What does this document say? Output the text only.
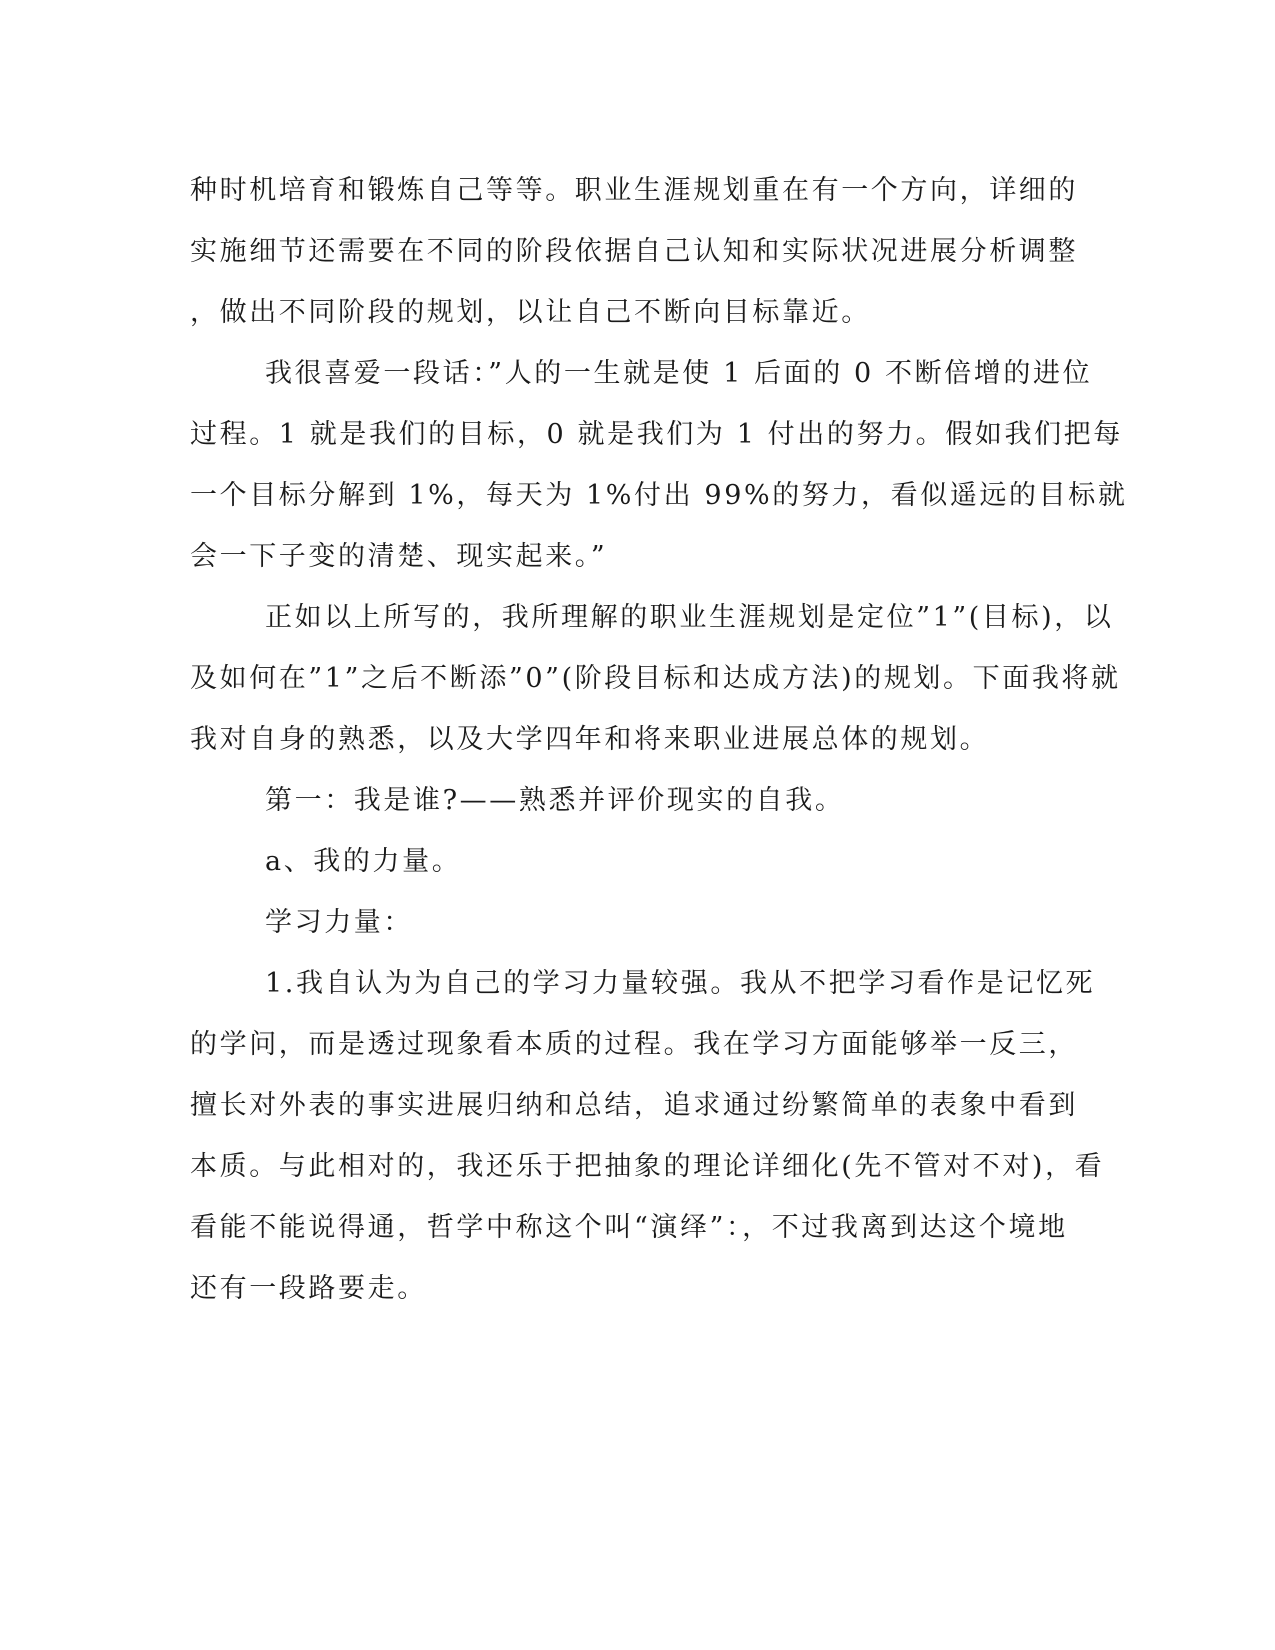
种时机培育和锻炼自己等等。职业生涯规划重在有一个方向，详细的
实施细节还需要在不同的阶段依据自己认知和实际状况进展分析调整
，做出不同阶段的规划，以让自己不断向目标靠近。
我很喜爱一段话：”人的一生就是使 1 后面的 0 不断倍增的进位
过程。1 就是我们的目标，0 就是我们为 1 付出的努力。假如我们把每
一个目标分解到 1%，每天为 1%付出 99%的努力，看似遥远的目标就
会一下子变的清楚、现实起来。”
正如以上所写的，我所理解的职业生涯规划是定位”1”(目标)，以
及如何在”1”之后不断添”0”(阶段目标和达成方法)的规划。下面我将就
我对自身的熟悉，以及大学四年和将来职业进展总体的规划。
第一：我是谁?——熟悉并评价现实的自我。
a、我的力量。
学习力量：
1.我自认为为自己的学习力量较强。我从不把学习看作是记忆死
的学问，而是透过现象看本质的过程。我在学习方面能够举一反三，
擅长对外表的事实进展归纳和总结，追求通过纷繁简单的表象中看到
本质。与此相对的，我还乐于把抽象的理论详细化(先不管对不对)，看
看能不能说得通，哲学中称这个叫“演绎”：，不过我离到达这个境地
还有一段路要走。
